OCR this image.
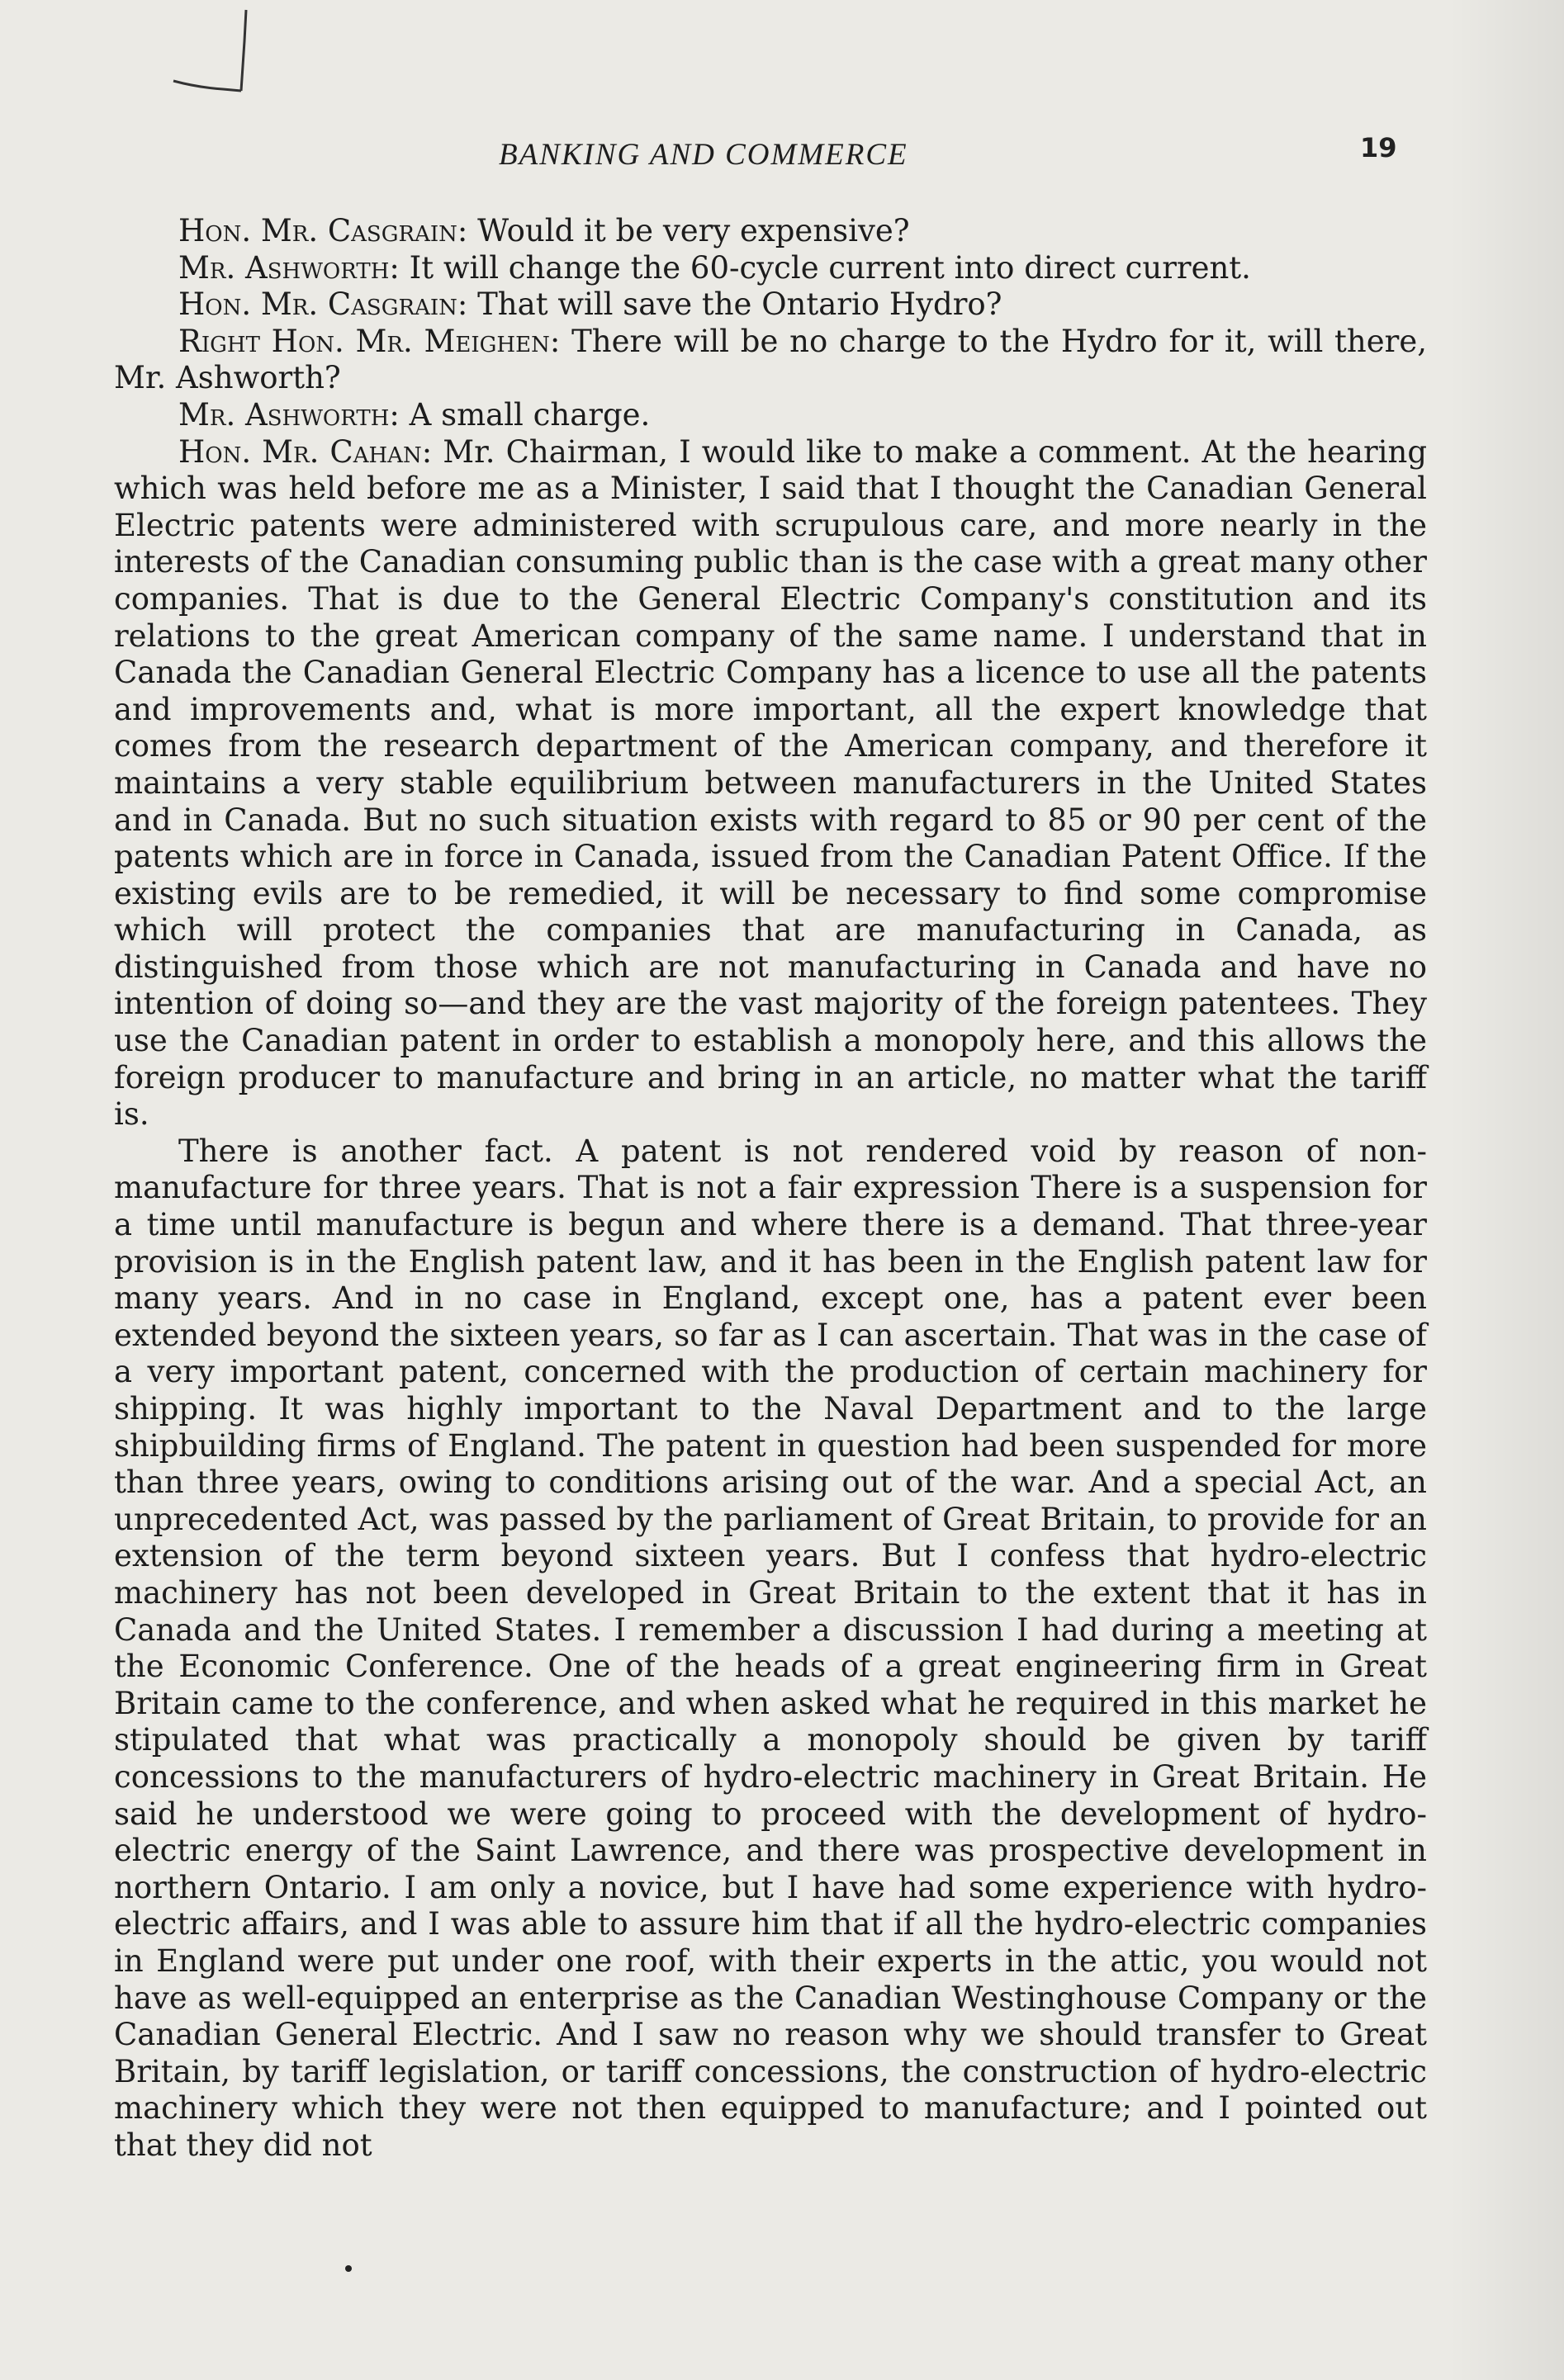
BANKING AND COMMERCE	19

Hon. Mr. Casgrain: Would it be very expensive?

Mr. Ashworth: It will change the 60-cycle current into direct current.

Hon. Mr. Casgrain: That will save the Ontario Hydro?

Right Hon. Mr. Meighen: There will be no charge to the Hydro for it, will there, Mr. Ashworth?

Mr. Ashworth: A small charge.

Hon. Mr. Cahan: Mr. Chairman, I would like to make a comment. At the hearing which was held before me as a Minister, I said that I thought the Canadian General Electric patents were administered with scrupulous care, and more nearly in the interests of the Canadian consuming public than is the case with a great many other companies. That is due to the General Electric Company's constitution and its relations to the great American company of the same name. I understand that in Canada the Canadian General Electric Company has a licence to use all the patents and improvements and, what is more important, all the expert knowledge that comes from the research department of the American company, and therefore it maintains a very stable equilibrium between manufacturers in the United States and in Canada. But no such situation exists with regard to 85 or 90 per cent of the patents which are in force in Canada, issued from the Canadian Patent Office. If the existing evils are to be remedied, it will be necessary to find some compromise which will protect the companies that are manufacturing in Canada, as distinguished from those which are not manufacturing in Canada and have no intention of doing so—and they are the vast majority of the foreign patentees. They use the Canadian patent in order to establish a monopoly here, and this allows the foreign producer to manufacture and bring in an article, no matter what the tariff is.

There is another fact. A patent is not rendered void by reason of non-manufacture for three years. That is not a fair expression There is a suspension for a time until manufacture is begun and where there is a demand. That three-year provision is in the English patent law, and it has been in the English patent law for many years. And in no case in England, except one, has a patent ever been extended beyond the sixteen years, so far as I can ascertain. That was in the case of a very important patent, concerned with the production of certain machinery for shipping. It was highly important to the Naval Department and to the large shipbuilding firms of England. The patent in question had been suspended for more than three years, owing to conditions arising out of the war. And a special Act, an unprecedented Act, was passed by the parliament of Great Britain, to provide for an extension of the term beyond sixteen years. But I confess that hydro-electric machinery has not been developed in Great Britain to the extent that it has in Canada and the United States. I remember a discussion I had during a meeting at the Economic Conference. One of the heads of a great engineering firm in Great Britain came to the conference, and when asked what he required in this market he stipulated that what was practically a monopoly should be given by tariff concessions to the manufacturers of hydro-electric machinery in Great Britain. He said he understood we were going to proceed with the development of hydro-electric energy of the Saint Lawrence, and there was prospective development in northern Ontario. I am only a novice, but I have had some experience with hydro-electric affairs, and I was able to assure him that if all the hydro-electric companies in England were put under one roof, with their experts in the attic, you would not have as well-equipped an enterprise as the Canadian Westinghouse Company or the Canadian General Electric. And I saw no reason why we should transfer to Great Britain, by tariff legislation, or tariff concessions, the construction of hydro-electric machinery which they were not then equipped to manufacture; and I pointed out that they did not
